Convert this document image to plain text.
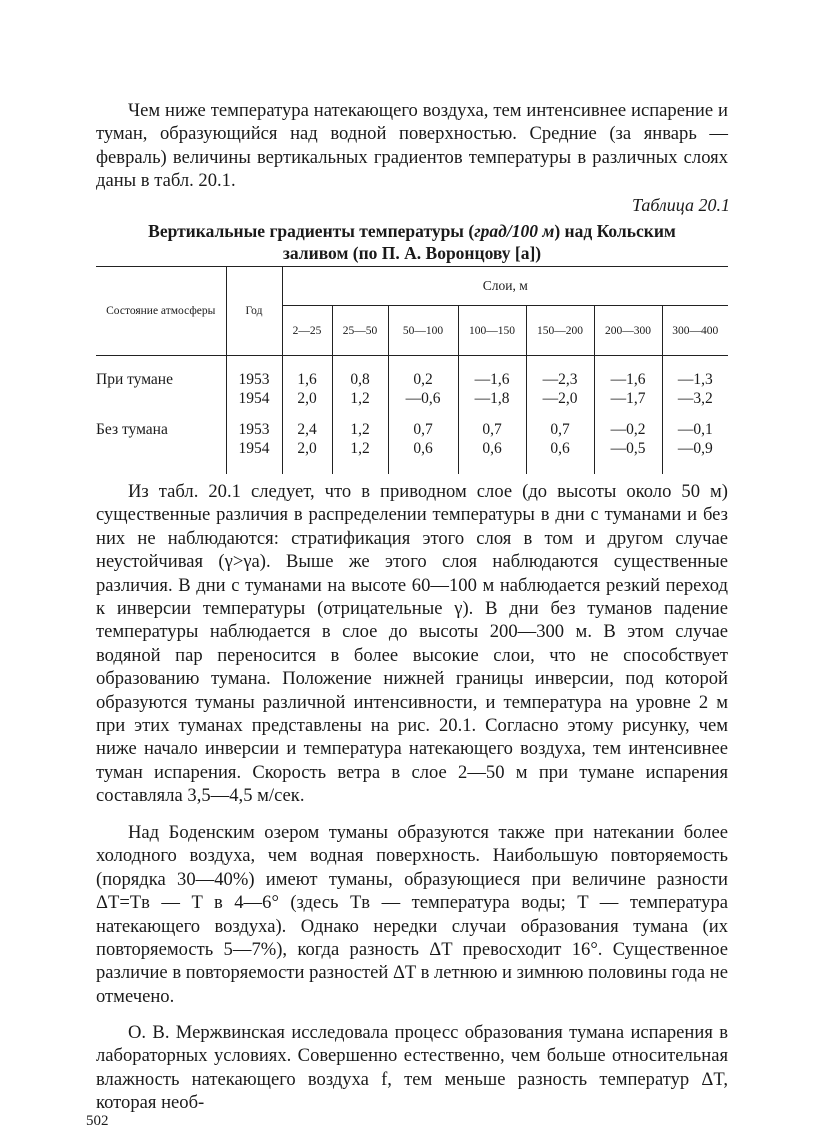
Чем ниже температура натекающего воздуха, тем интенсивнее испарение и туман, образующийся над водной поверхностью. Средние (за январь — февраль) величины вертикальных градиентов температуры в различных слоях даны в табл. 20.1.

Таблица 20.1
Вертикальные градиенты температуры (град/100 м) над Кольским
заливом (по П. А. Воронцову [а])
Состояние атмосферы	Год	Слои, м						
		2—25	25—50	50—100	100—150	150—200	200—300	300—400

При тумане	1953	1,6	0,8	0,2	—1,6	—2,3	—1,6	—1,3
	1954	2,0	1,2	—0,6	—1,8	—2,0	—1,7	—3,2

Без тумана	1953	2,4	1,2	0,7	0,7	0,7	—0,2	—0,1
	1954	2,0	1,2	0,6	0,6	0,6	—0,5	—0,9

Из табл. 20.1 следует, что в приводном слое (до высоты около 50 м) существенные различия в распределении температуры в дни с туманами и без них не наблюдаются: стратификация этого слоя в том и другом случае неустойчивая (γ>γa). Выше же этого слоя наблюдаются существенные различия. В дни с туманами на высоте 60—100 м наблюдается резкий переход к инверсии температуры (отрицательные γ). В дни без туманов падение температуры наблюдается в слое до высоты 200—300 м. В этом случае водяной пар переносится в более высокие слои, что не способствует образованию тумана. Положение нижней границы инверсии, под которой образуются туманы различной интенсивности, и температура на уровне 2 м при этих туманах представлены на рис. 20.1. Согласно этому рисунку, чем ниже начало инверсии и температура натекающего воздуха, тем интенсивнее туман испарения. Скорость ветра в слое 2—50 м при тумане испарения составляла 3,5—4,5 м/сек.

Над Боденским озером туманы образуются также при натекании более холодного воздуха, чем водная поверхность. Наибольшую повторяемость (порядка 30—40%) имеют туманы, образующиеся при величине разности ΔT=Tв — T в 4—6° (здесь Tв — температура воды; T — температура натекающего воздуха). Однако нередки случаи образования тумана (их повторяемость 5—7%), когда разность ΔT превосходит 16°. Существенное различие в повторяемости разностей ΔT в летнюю и зимнюю половины года не отмечено.

О. В. Мержвинская исследовала процесс образования тумана испарения в лабораторных условиях. Совершенно естественно, чем больше относительная влажность натекающего воздуха f, тем меньше разность температур ΔT, которая необ-

502
